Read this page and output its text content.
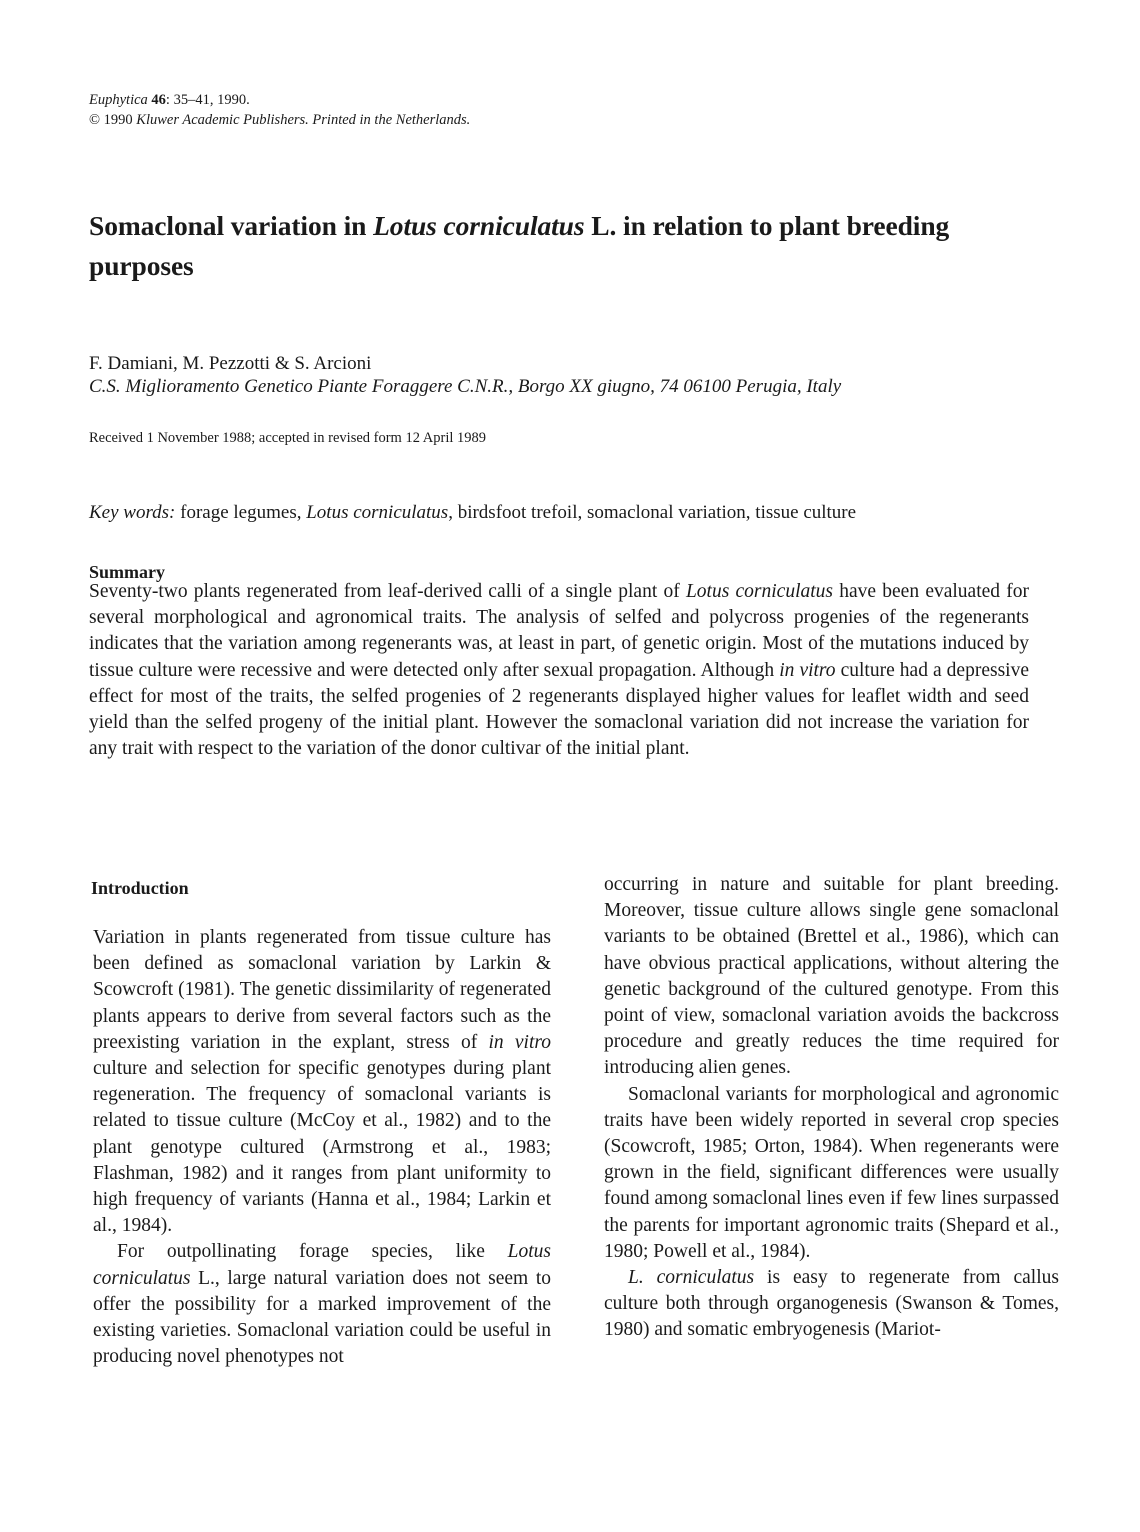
Euphytica 46: 35–41, 1990.
© 1990 Kluwer Academic Publishers. Printed in the Netherlands.
Somaclonal variation in Lotus corniculatus L. in relation to plant breeding purposes
F. Damiani, M. Pezzotti & S. Arcioni
C.S. Miglioramento Genetico Piante Foraggere C.N.R., Borgo XX giugno, 74 06100 Perugia, Italy
Received 1 November 1988; accepted in revised form 12 April 1989
Key words: forage legumes, Lotus corniculatus, birdsfoot trefoil, somaclonal variation, tissue culture
Summary

Seventy-two plants regenerated from leaf-derived calli of a single plant of Lotus corniculatus have been evaluated for several morphological and agronomical traits. The analysis of selfed and polycross progenies of the regenerants indicates that the variation among regenerants was, at least in part, of genetic origin. Most of the mutations induced by tissue culture were recessive and were detected only after sexual propagation. Although in vitro culture had a depressive effect for most of the traits, the selfed progenies of 2 regenerants displayed higher values for leaflet width and seed yield than the selfed progeny of the initial plant. However the somaclonal variation did not increase the variation for any trait with respect to the variation of the donor cultivar of the initial plant.

Introduction

Variation in plants regenerated from tissue culture has been defined as somaclonal variation by Larkin & Scowcroft (1981). The genetic dissimilarity of regenerated plants appears to derive from several factors such as the preexisting variation in the explant, stress of in vitro culture and selection for specific genotypes during plant regeneration. The frequency of somaclonal variants is related to tissue culture (McCoy et al., 1982) and to the plant genotype cultured (Armstrong et al., 1983; Flashman, 1982) and it ranges from plant uniformity to high frequency of variants (Hanna et al., 1984; Larkin et al., 1984).

For outpollinating forage species, like Lotus corniculatus L., large natural variation does not seem to offer the possibility for a marked improvement of the existing varieties. Somaclonal variation could be useful in producing novel phenotypes not

occurring in nature and suitable for plant breeding. Moreover, tissue culture allows single gene somaclonal variants to be obtained (Brettel et al., 1986), which can have obvious practical applications, without altering the genetic background of the cultured genotype. From this point of view, somaclonal variation avoids the backcross procedure and greatly reduces the time required for introducing alien genes.

Somaclonal variants for morphological and agronomic traits have been widely reported in several crop species (Scowcroft, 1985; Orton, 1984). When regenerants were grown in the field, significant differences were usually found among somaclonal lines even if few lines surpassed the parents for important agronomic traits (Shepard et al., 1980; Powell et al., 1984).

L. corniculatus is easy to regenerate from callus culture both through organogenesis (Swanson & Tomes, 1980) and somatic embryogenesis (Mariot-
